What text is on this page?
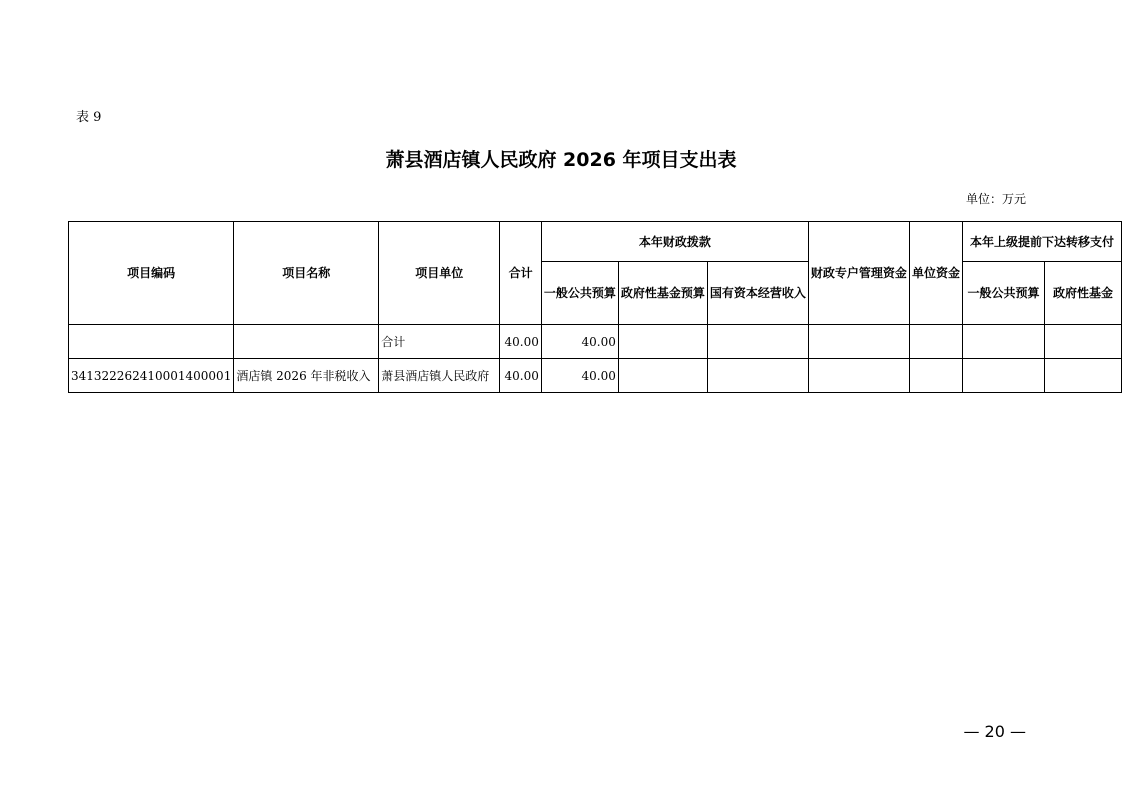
表 9
萧县酒店镇人民政府 2026 年项目支出表
单位：万元
项目编码	项目名称	项目单位	合计	本年财政拨款			财政专户管理资金	单位资金	本年上级提前下达转移支付	
				一般公共预算	政府性基金预算	国有资本经营收入			一般公共预算	政府性基金
		合计	40.00	40.00						
341322262410001400001	酒店镇 2026 年非税收入	萧县酒店镇人民政府	40.00	40.00						
— 20 —
